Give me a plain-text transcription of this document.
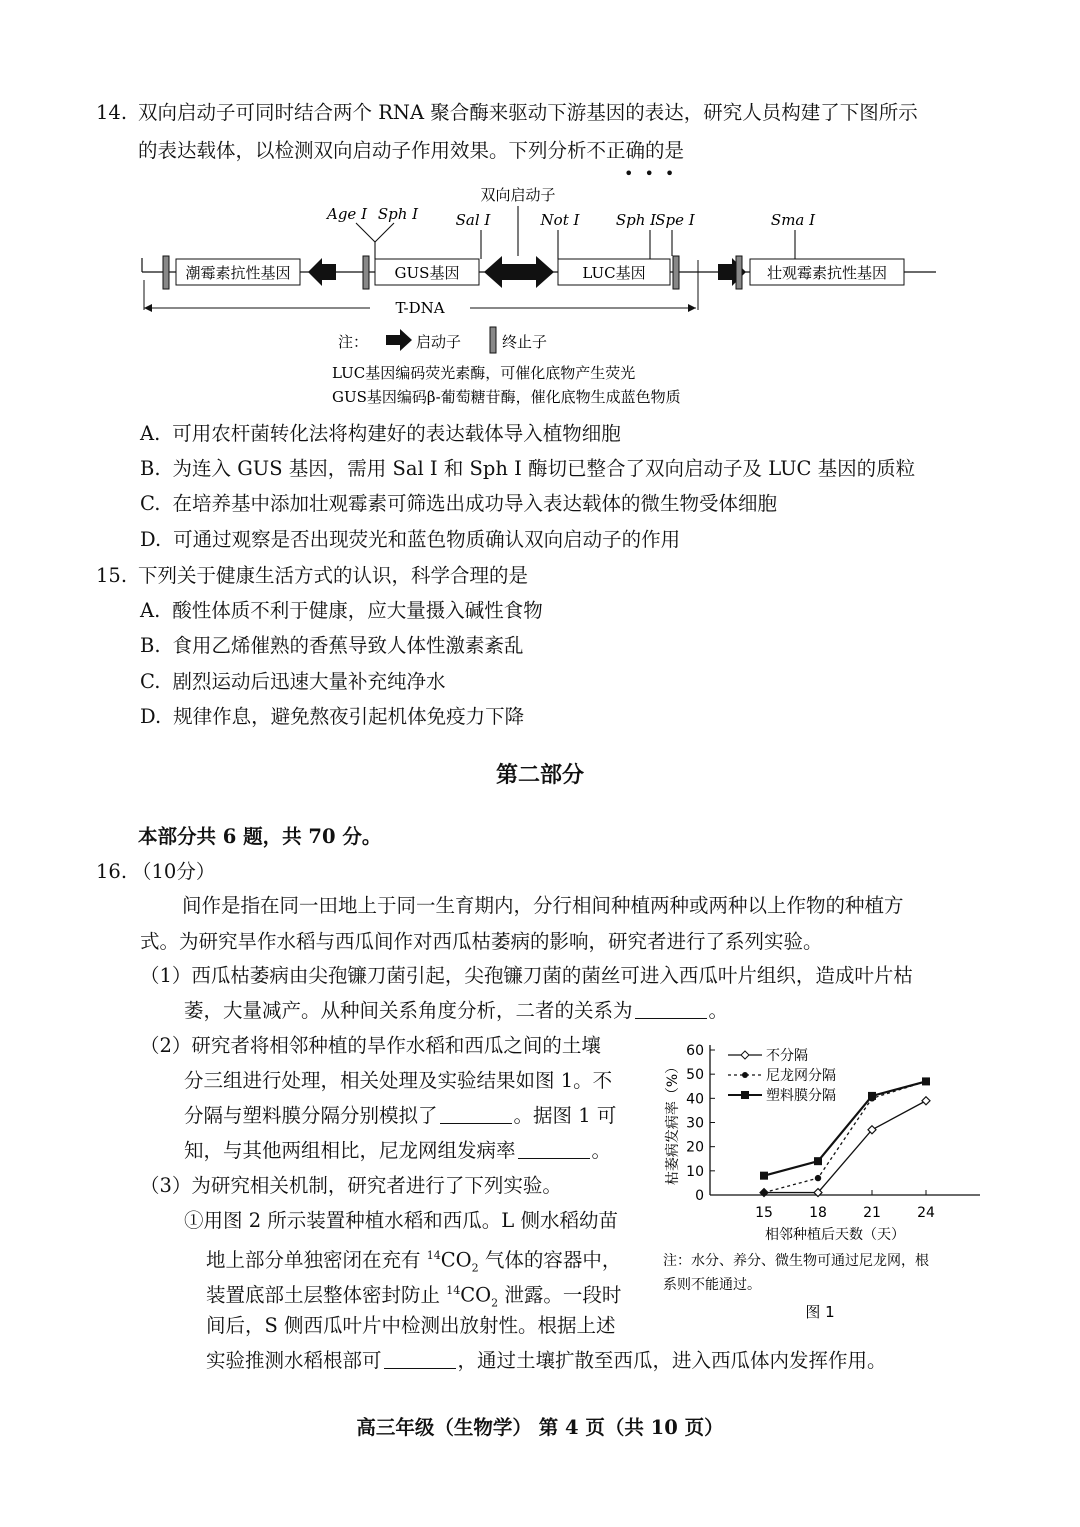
14. 双向启动子可同时结合两个 RNA 聚合酶来驱动下游基因的表达，研究人员构建了下图所示
的表达载体，以检测双向启动子作用效果。下列分析不正确的是
•••
潮霉素抗性基因	GUS基因	LUC基因	壮观霉素抗性基因
Age I Sph I	Sal I
双向启动子
Not I Sph I Spe I	Sma I
T-DNA
注：	启动子	终止子
LUC基因编码荧光素酶，可催化底物产生荧光
GUS基因编码β-葡萄糖苷酶，催化底物生成蓝色物质
A. 可用农杆菌转化法将构建好的表达载体导入植物细胞
B. 为连入 GUS 基因，需用 Sal I 和 Sph I 酶切已整合了双向启动子及 LUC 基因的质粒
C. 在培养基中添加壮观霉素可筛选出成功导入表达载体的微生物受体细胞
D. 可通过观察是否出现荧光和蓝色物质确认双向启动子的作用
15. 下列关于健康生活方式的认识，科学合理的是
A. 酸性体质不利于健康，应大量摄入碱性食物
B. 食用乙烯催熟的香蕉导致人体性激素紊乱
C. 剧烈运动后迅速大量补充纯净水
D. 规律作息，避免熬夜引起机体免疫力下降
第二部分
本部分共 6 题，共 70 分。
16. （10分）
间作是指在同一田地上于同一生育期内，分行相间种植两种或两种以上作物的种植方
式。为研究旱作水稻与西瓜间作对西瓜枯萎病的影响，研究者进行了系列实验。
（1）西瓜枯萎病由尖孢镰刀菌引起，尖孢镰刀菌的菌丝可进入西瓜叶片组织，造成叶片枯
萎，大量减产。从种间关系角度分析，二者的关系为	。
（2）研究者将相邻种植的旱作水稻和西瓜之间的土壤
分三组进行处理，相关处理及实验结果如图 1。不
分隔与塑料膜分隔分别模拟了	。据图 1 可
知，与其他两组相比，尼龙网组发病率	。
（3）为研究相关机制，研究者进行了下列实验。
①用图 2 所示装置种植水稻和西瓜。L 侧水稻幼苗
地上部分单独密闭在充有 $^{14}CO_2$ 气体的容器中，
装置底部土层整体密封防止 $^{14}CO_2$ 泄露。一段时
间后，S 侧西瓜叶片中检测出放射性。根据上述
实验推测水稻根部可	，通过土壤扩散至西瓜，进入西瓜体内发挥作用。
0
10
20
30
40
50
60
15	18	21	24
相邻种植后天数（天）
枯萎病发病率（%）
不分隔
尼龙网分隔
塑料膜分隔
注：水分、养分、微生物可通过尼龙网，根
系则不能通过。
图 1
高三年级（生物学） 第 4 页（共 10 页）
